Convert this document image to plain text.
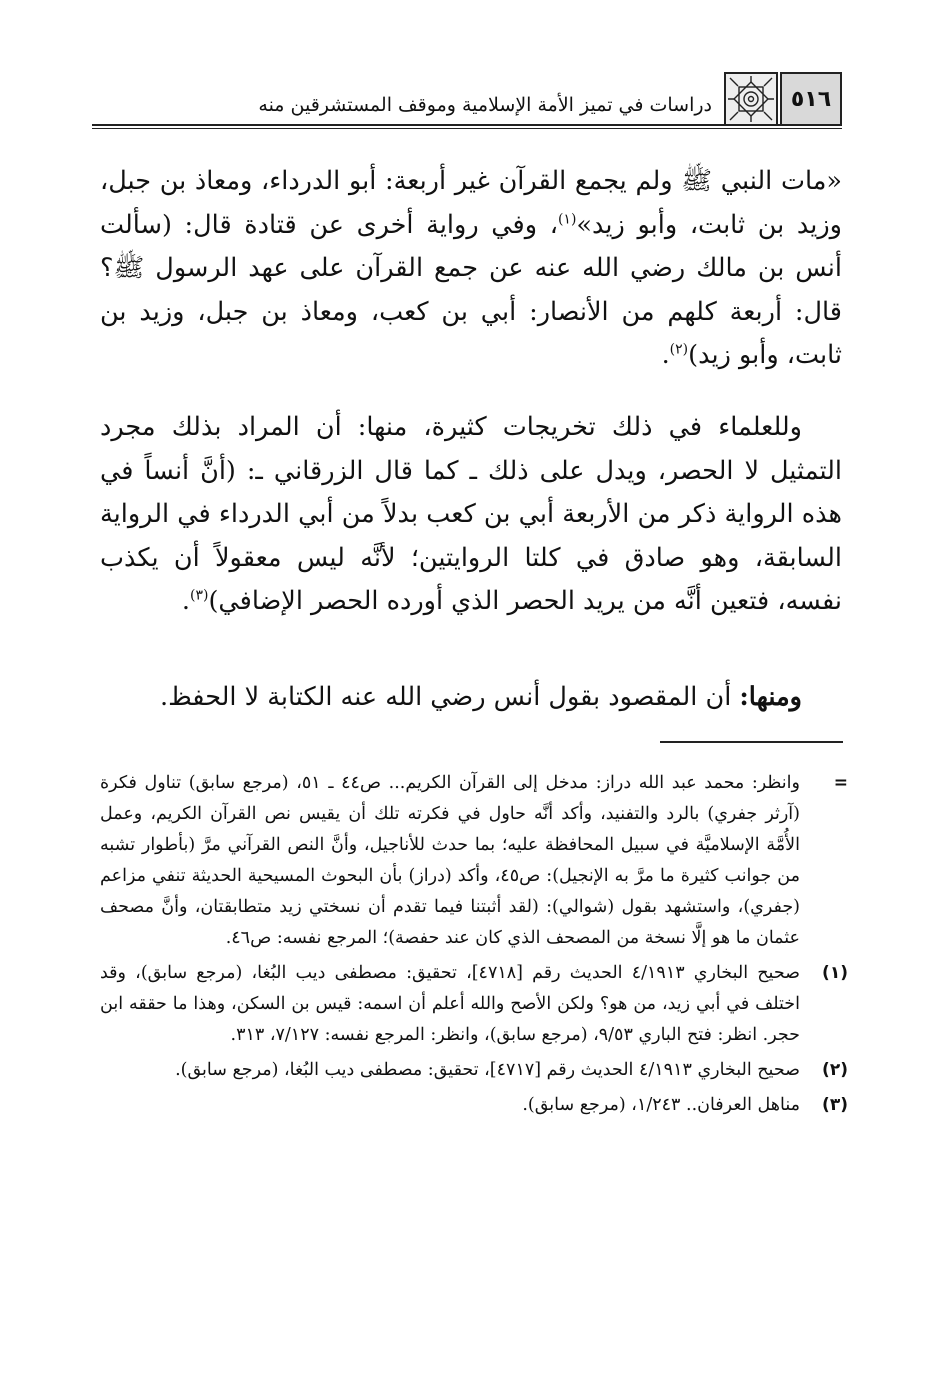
٥١٦
دراسات في تميز الأمة الإسلامية وموقف المستشرقين منه
«مات النبي ﷺ ولم يجمع القرآن غير أربعة: أبو الدرداء، ومعاذ بن جبل، وزيد بن ثابت، وأبو زيد»$^{(١)}$، وفي رواية أخرى عن قتادة قال: (سألت أنس بن مالك رضي الله عنه عن جمع القرآن على عهد الرسول ﷺ؟ قال: أربعة كلهم من الأنصار: أبي بن كعب، ومعاذ بن جبل، وزيد بن ثابت، وأبو زيد)$^{(٢)}$.
وللعلماء في ذلك تخريجات كثيرة، منها: أن المراد بذلك مجرد التمثيل لا الحصر، ويدل على ذلك ـ كما قال الزرقاني ـ: (أنَّ أنساً في هذه الرواية ذكر من الأربعة أبي بن كعب بدلاً من أبي الدرداء في الرواية السابقة، وهو صادق في كلتا الروايتين؛ لأنَّه ليس معقولاً أن يكذب نفسه، فتعين أنَّه من يريد الحصر الذي أورده الحصر الإضافي)$^{(٣)}$.
ومنها: أن المقصود بقول أنس رضي الله عنه الكتابة لا الحفظ.
=
وانظر: محمد عبد الله دراز: مدخل إلى القرآن الكريم... ص٤٤ ـ ٥١، (مرجع سابق) تناول فكرة (آرثر جفري) بالرد والتفنيد، وأكد أنَّه حاول في فكرته تلك أن يقيس نص القرآن الكريم، وعمل الأُمَّة الإسلاميَّة في سبيل المحافظة عليه؛ بما حدث للأناجيل، وأنَّ النص القرآني مرَّ (بأطوار تشبه من جوانب كثيرة ما مرَّ به الإنجيل): ص٤٥، وأكد (دراز) بأن البحوث المسيحية الحديثة تنفي مزاعم (جفري)، واستشهد بقول (شوالي): (لقد أثبتنا فيما تقدم أن نسختي زيد متطابقتان، وأنَّ مصحف عثمان ما هو إلَّا نسخة من المصحف الذي كان عند حفصة)؛ المرجع نفسه: ص٤٦.
(١)
صحيح البخاري ٤/١٩١٣ الحديث رقم [٤٧١٨]، تحقيق: مصطفى ديب البُغا، (مرجع سابق)، وقد اختلف في أبي زيد، من هو؟ ولكن الأصح والله أعلم أن اسمه: قيس بن السكن، وهذا ما حققه ابن حجر. انظر: فتح الباري ٩/٥٣، (مرجع سابق)، وانظر: المرجع نفسه: ٧/١٢٧، ٣١٣.
(٢)
صحيح البخاري ٤/١٩١٣ الحديث رقم [٤٧١٧]، تحقيق: مصطفى ديب البُغا، (مرجع سابق).
(٣)
مناهل العرفان.. ١/٢٤٣، (مرجع سابق).
